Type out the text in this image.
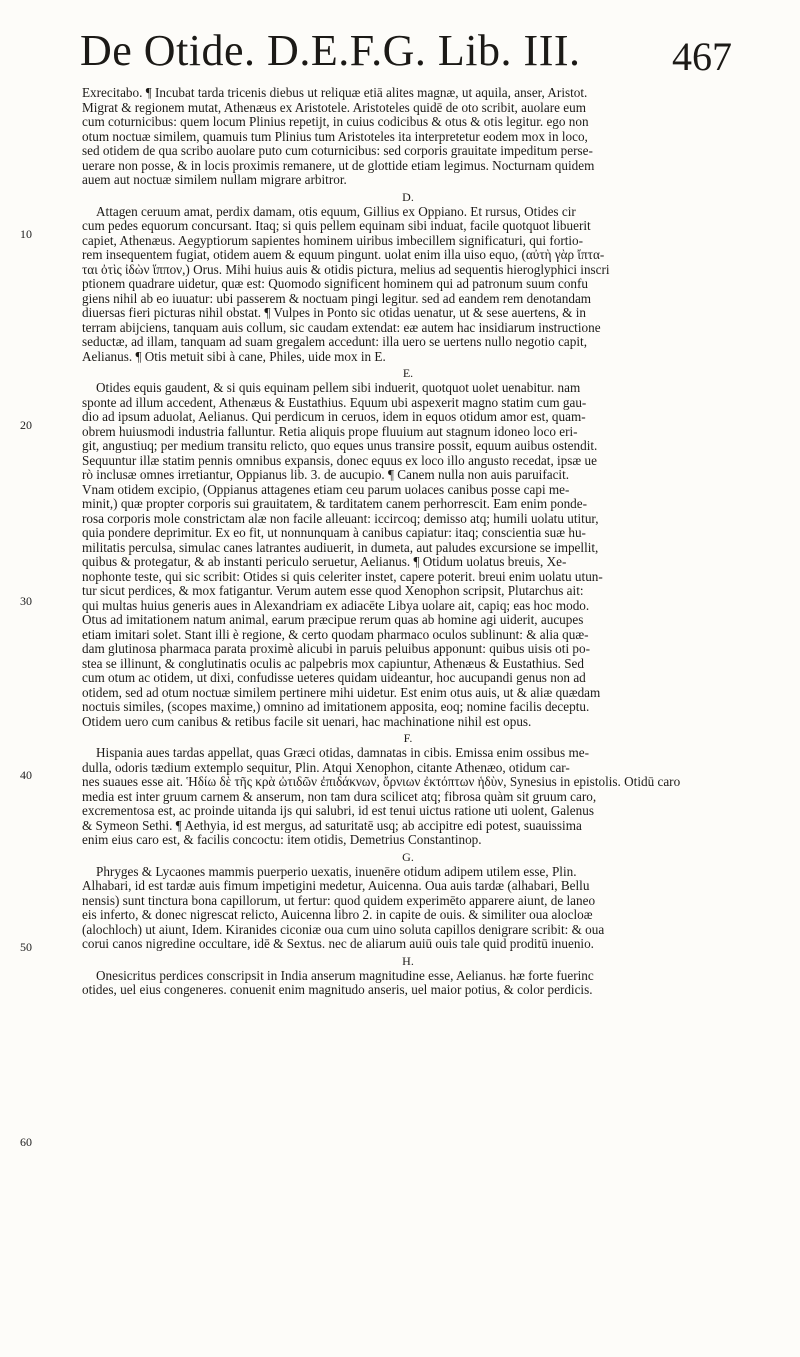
De Otide. D.E.F.G. Lib. III. 467
10
20
30
40
50
60
Exrecitabo. ¶ Incubat tarda tricenis diebus ut reliquæ etiā alites magnæ, ut aquila, anser, Aristot.
Migrat & regionem mutat, Athenæus ex Aristotele. Aristoteles quidē de oto scribit, auolare eum
cum coturnicibus: quem locum Plinius repetijt, in cuius codicibus & otus & otis legitur. ego non
otum noctuæ similem, quamuis tum Plinius tum Aristoteles ita interpretetur eodem mox in loco,
sed otidem de qua scribo auolare puto cum coturnicibus: sed corporis grauitate impeditum perse-
uerare non posse, & in locis proximis remanere, ut de glottide etiam legimus. Nocturnam quidem
auem aut noctuæ similem nullam migrare arbitror.
D.
Attagen ceruum amat, perdix damam, otis equum, Gillius ex Oppiano. Et rursus, Otides cir
cum pedes equorum concursant. Itaq; si quis pellem equinam sibi induat, facile quotquot libuerit
capiet, Athenæus. Aegyptiorum sapientes hominem uiribus imbecillem significaturi, qui fortio-
rem insequentem fugiat, otidem auem & equum pingunt. uolat enim illa uiso equo, (αὐτὴ γὰρ ἴπτα-
ται ὀτὶς ἰδὼν ἵππον,) Orus. Mihi huius auis & otidis pictura, melius ad sequentis hieroglyphici inscri
ptionem quadrare uidetur, quæ est: Quomodo significent hominem qui ad patronum suum confu
giens nihil ab eo iuuatur: ubi passerem & noctuam pingi legitur. sed ad eandem rem denotandam
diuersas fieri picturas nihil obstat. ¶ Vulpes in Ponto sic otidas uenatur, ut & sese auertens, & in
terram abijciens, tanquam auis collum, sic caudam extendat: eæ autem hac insidiarum instructione
seductæ, ad illam, tanquam ad suam gregalem accedunt: illa uero se uertens nullo negotio capit,
Aelianus. ¶ Otis metuit sibi à cane, Philes, uide mox in E.
E.
Otides equis gaudent, & si quis equinam pellem sibi induerit, quotquot uolet uenabitur. nam
sponte ad illum accedent, Athenæus & Eustathius. Equum ubi aspexerit magno statim cum gau-
dio ad ipsum aduolat, Aelianus. Qui perdicum in ceruos, idem in equos otidum amor est, quam-
obrem huiusmodi industria falluntur. Retia aliquis prope fluuium aut stagnum idoneo loco eri-
git, angustiuq; per medium transitu relicto, quo eques unus transire possit, equum auibus ostendit.
Sequuntur illæ statim pennis omnibus expansis, donec equus ex loco illo angusto recedat, ipsæ ue
rò inclusæ omnes irretiantur, Oppianus lib. 3. de aucupio. ¶ Canem nulla non auis paruifacit.
Vnam otidem excipio, (Oppianus attagenes etiam ceu parum uolaces canibus posse capi me-
minit,) quæ propter corporis sui grauitatem, & tarditatem canem perhorrescit. Eam enim ponde-
rosa corporis mole constrictam alæ non facile alleuant: iccircoq; demisso atq; humili uolatu utitur,
quia pondere deprimitur. Ex eo fit, ut nonnunquam à canibus capiatur: itaq; conscientia suæ hu-
militatis perculsa, simulac canes latrantes audiuerit, in dumeta, aut paludes excursione se impellit,
quibus & protegatur, & ab instanti periculo seruetur, Aelianus. ¶ Otidum uolatus breuis, Xe-
nophonte teste, qui sic scribit: Otides si quis celeriter instet, capere poterit. breui enim uolatu utun-
tur sicut perdices, & mox fatigantur. Verum autem esse quod Xenophon scripsit, Plutarchus ait:
qui multas huius generis aues in Alexandriam ex adiacēte Libya uolare ait, capiq; eas hoc modo.
Otus ad imitationem natum animal, earum præcipue rerum quas ab homine agi uiderit, aucupes
etiam imitari solet. Stant illi è regione, & certo quodam pharmaco oculos sublinunt: & alia quæ-
dam glutinosa pharmaca parata proximè alicubi in paruis peluibus apponunt: quibus uisis oti po-
stea se illinunt, & conglutinatis oculis ac palpebris mox capiuntur, Athenæus & Eustathius. Sed
cum otum ac otidem, ut dixi, confudisse ueteres quidam uideantur, hoc aucupandi genus non ad
otidem, sed ad otum noctuæ similem pertinere mihi uidetur. Est enim otus auis, ut & aliæ quædam
noctuis similes, (scopes maxime,) omnino ad imitationem apposita, eoq; nomine facilis deceptu.
Otidem uero cum canibus & retibus facile sit uenari, hac machinatione nihil est opus.
F.
Hispania aues tardas appellat, quas Græci otidas, damnatas in cibis. Emissa enim ossibus me-
dulla, odoris tædium extemplo sequitur, Plin. Atqui Xenophon, citante Athenæo, otidum car-
nes suaues esse ait. Ἡδίω δὲ τῆς κρὰ ὠτιδῶν ἐπιδάκνων, ὄρνιων ἐκτόπτων ἡδὺν, Synesius in epistolis. Otidū caro
media est inter gruum carnem & anserum, non tam dura scilicet atq; fibrosa quàm sit gruum caro,
excrementosa est, ac proinde uitanda ijs qui salubri, id est tenui uictus ratione uti uolent, Galenus
& Symeon Sethi. ¶ Aethyia, id est mergus, ad saturitatē usq; ab accipitre edi potest, suauissima
enim eius caro est, & facilis concoctu: item otidis, Demetrius Constantinop.
G.
Phryges & Lycaones mammis puerperio uexatis, inuenēre otidum adipem utilem esse, Plin.
Alhabari, id est tardæ auis fimum impetigini medetur, Auicenna. Oua auis tardæ (alhabari, Bellu
nensis) sunt tinctura bona capillorum, ut fertur: quod quidem experimēto apparere aiunt, de laneo
eis inferto, & donec nigrescat relicto, Auicenna libro 2. in capite de ouis. & similiter oua alocloæ
(alochloch) ut aiunt, Idem. Kiranides ciconiæ oua cum uino soluta capillos denigrare scribit: & oua
corui canos nigredine occultare, idē & Sextus. nec de aliarum auiū ouis tale quid proditū inuenio.
H.
Onesicritus perdices conscripsit in India anserum magnitudine esse, Aelianus. hæ forte fuerinc
otides, uel eius congeneres. conuenit enim magnitudo anseris, uel maior potius, & color perdicis.
